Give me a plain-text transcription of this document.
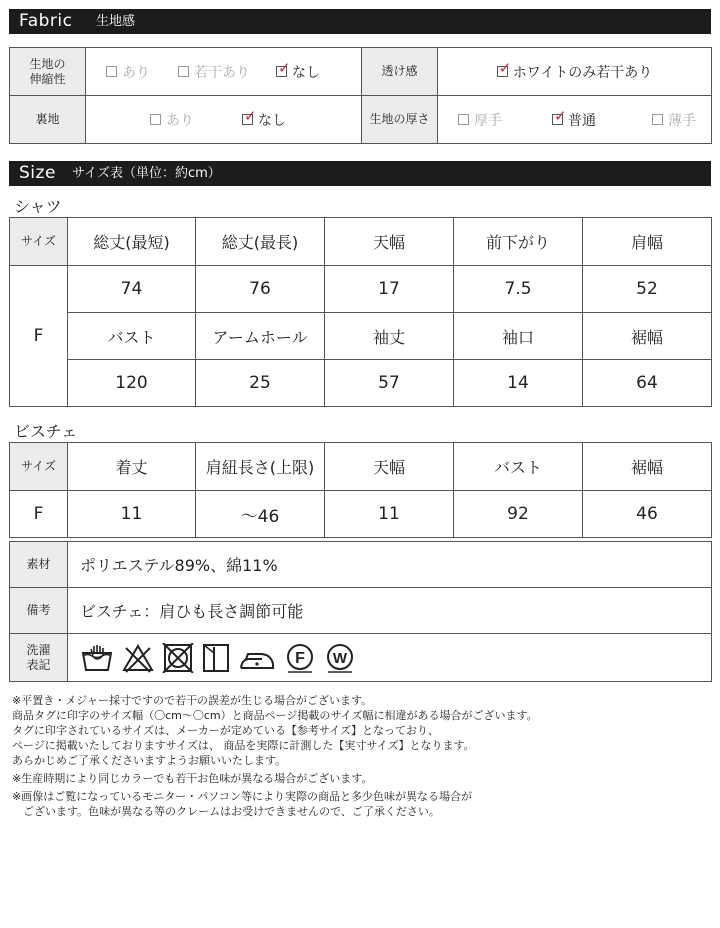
Fabric 生地感
生地の
伸縮性	あり 若干あり ✓ なし	透け感	✓ ホワイトのみ若干あり

裏地	あり ✓ なし	生地の厚さ	厚手 ✓ 普通 薄手
Size サイズ表（単位：約cm）
シャツ
サイズ	総丈(最短)	総丈(最長)	天幅	前下がり	肩幅
F	74	76	17	7.5	52
	バスト	アームホール	袖丈	袖口	裾幅
	120	25	57	14	64
ビスチェ
サイズ	着丈	肩紐長さ(上限)	天幅	バスト	裾幅
F	11	〜46	11	92	46
素材	ポリエステル89%、綿11%
備考	ビスチェ：肩ひも長さ調節可能
洗濯
表記	F W
※平置き・メジャー採寸ですので若干の誤差が生じる場合がございます。
商品タグに印字のサイズ幅（〇cm〜〇cm）と商品ページ掲載のサイズ幅に相違がある場合がございます。
タグに印字されているサイズは、メーカーが定めている【参考サイズ】となっており、
ページに掲載いたしておりますサイズは、 商品を実際に計測した【実寸サイズ】となります。
あらかじめご了承くださいますようお願いいたします。
※生産時期により同じカラーでも若干お色味が異なる場合がございます。
※画像はご覧になっているモニター・パソコン等により実際の商品と多少色味が異なる場合が
　ございます。色味が異なる等のクレームはお受けできませんので、ご了承ください。
